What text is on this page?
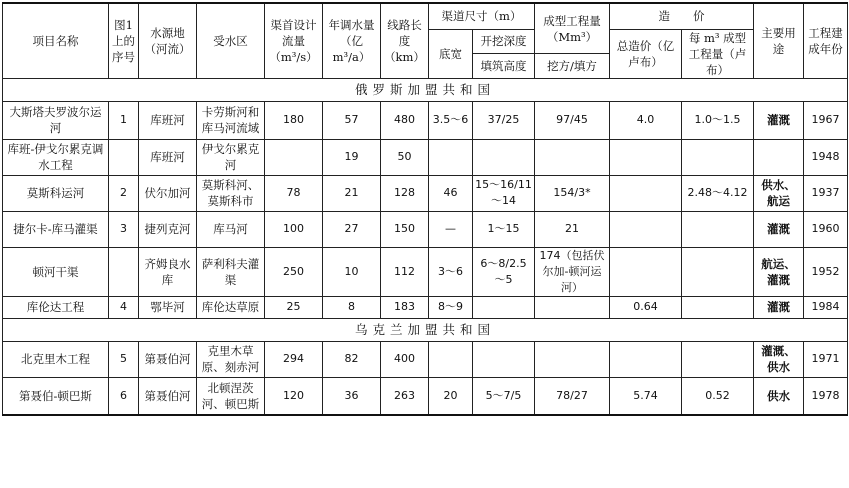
项目名称	图1上的序号	水源地（河流）	受水区	渠首设计流量（m³/s）	年调水量（亿 m³/a）	线路长度（km）	渠道尺寸（m）		成型工程量（Mm³）	造　　价		主要用途	工程建成年份
							底宽	开挖深度		总造价（亿卢布）	每 m³ 成型工程量（卢布）		
								填筑高度	挖方/填方				
俄罗斯加盟共和国													
大斯塔夫罗波尔运河	1	库班河	卡劳斯河和库马河流域	180	57	480	3.5～6	37/25	97/45	4.0	1.0～1.5	灌溉	1967
库班-伊戈尔累克调水工程		库班河	伊戈尔累克河		19	50							1948
莫斯科运河	2	伏尔加河	莫斯科河、莫斯科市	78	21	128	46	15～16/11～14	154/3*		2.48～4.12	供水、航运	1937
捷尔卡-库马灌渠	3	捷列克河	库马河	100	27	150	—	1～15	21			灌溉	1960
顿河干渠		齐姆良水库	萨利科夫灌渠	250	10	112	3～6	6～8/2.5～5	174（包括伏尔加-顿河运河）			航运、灌溉	1952
库伦达工程	4	鄂毕河	库伦达草原	25	8	183	8～9			0.64		灌溉	1984
乌克兰加盟共和国													
北克里木工程	5	第聂伯河	克里木草原、刻赤河	294	82	400						灌溉、供水	1971
第聂伯-顿巴斯	6	第聂伯河	北顿涅茨河、顿巴斯	120	36	263	20	5～7/5	78/27	5.74	0.52	供水	1978
